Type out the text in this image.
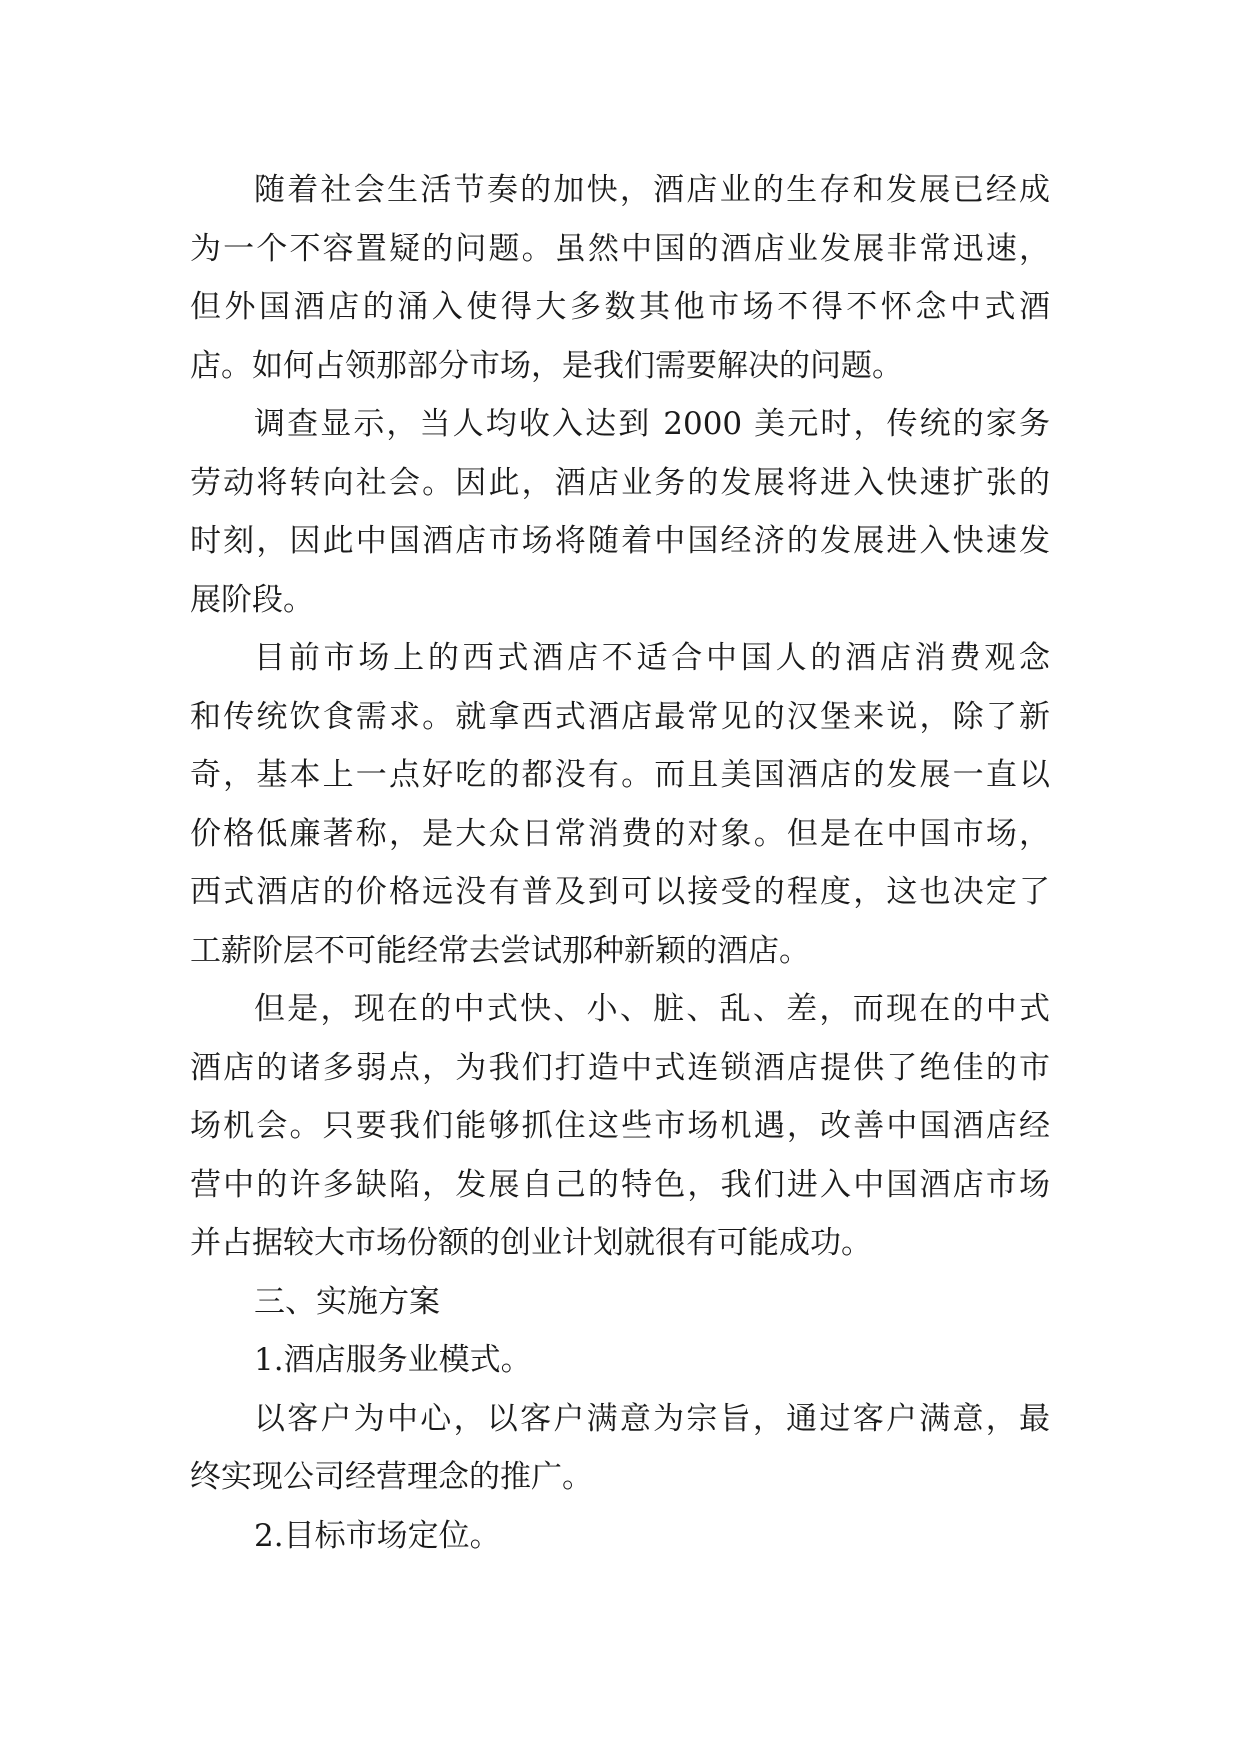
随着社会生活节奏的加快，酒店业的生存和发展已经成

为一个不容置疑的问题。虽然中国的酒店业发展非常迅速，

但外国酒店的涌入使得大多数其他市场不得不怀念中式酒

店。如何占领那部分市场，是我们需要解决的问题。

调查显示，当人均收入达到 2000 美元时，传统的家务

劳动将转向社会。因此，酒店业务的发展将进入快速扩张的

时刻，因此中国酒店市场将随着中国经济的发展进入快速发

展阶段。

目前市场上的西式酒店不适合中国人的酒店消费观念

和传统饮食需求。就拿西式酒店最常见的汉堡来说，除了新

奇，基本上一点好吃的都没有。而且美国酒店的发展一直以

价格低廉著称，是大众日常消费的对象。但是在中国市场，

西式酒店的价格远没有普及到可以接受的程度，这也决定了

工薪阶层不可能经常去尝试那种新颖的酒店。

但是，现在的中式快、小、脏、乱、差，而现在的中式

酒店的诸多弱点，为我们打造中式连锁酒店提供了绝佳的市

场机会。只要我们能够抓住这些市场机遇，改善中国酒店经

营中的许多缺陷，发展自己的特色，我们进入中国酒店市场

并占据较大市场份额的创业计划就很有可能成功。

三、实施方案

1.酒店服务业模式。

以客户为中心，以客户满意为宗旨，通过客户满意，最

终实现公司经营理念的推广。

2.目标市场定位。
